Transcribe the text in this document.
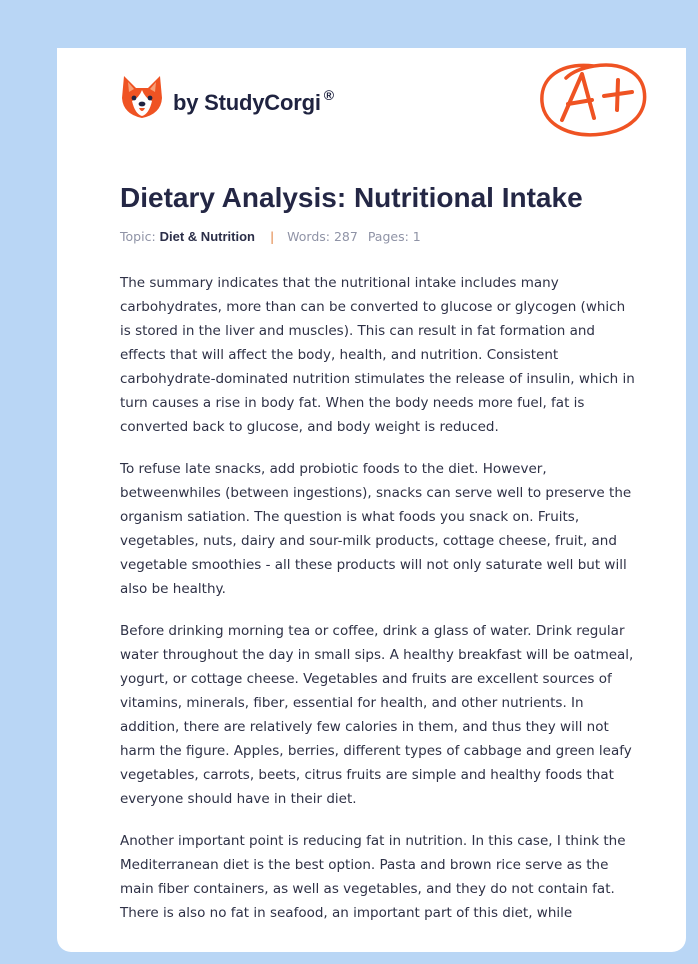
by StudyCorgi ®
Dietary Analysis: Nutritional Intake
Topic: Diet & Nutrition | Words: 287 Pages: 1

The summary indicates that the nutritional intake includes many carbohydrates, more than can be converted to glucose or glycogen (which is stored in the liver and muscles). This can result in fat formation and effects that will affect the body, health, and nutrition. Consistent carbohydrate-dominated nutrition stimulates the release of insulin, which in turn causes a rise in body fat. When the body needs more fuel, fat is converted back to glucose, and body weight is reduced.

To refuse late snacks, add probiotic foods to the diet. However, betweenwhiles (between ingestions), snacks can serve well to preserve the organism satiation. The question is what foods you snack on. Fruits, vegetables, nuts, dairy and sour-milk products, cottage cheese, fruit, and vegetable smoothies - all these products will not only saturate well but will also be healthy.

Before drinking morning tea or coffee, drink a glass of water. Drink regular water throughout the day in small sips. A healthy breakfast will be oatmeal, yogurt, or cottage cheese. Vegetables and fruits are excellent sources of vitamins, minerals, fiber, essential for health, and other nutrients. In addition, there are relatively few calories in them, and thus they will not harm the figure. Apples, berries, different types of cabbage and green leafy vegetables, carrots, beets, citrus fruits are simple and healthy foods that everyone should have in their diet.

Another important point is reducing fat in nutrition. In this case, I think the Mediterranean diet is the best option. Pasta and brown rice serve as the main fiber containers, as well as vegetables, and they do not contain fat. There is also no fat in seafood, an important part of this diet, while
